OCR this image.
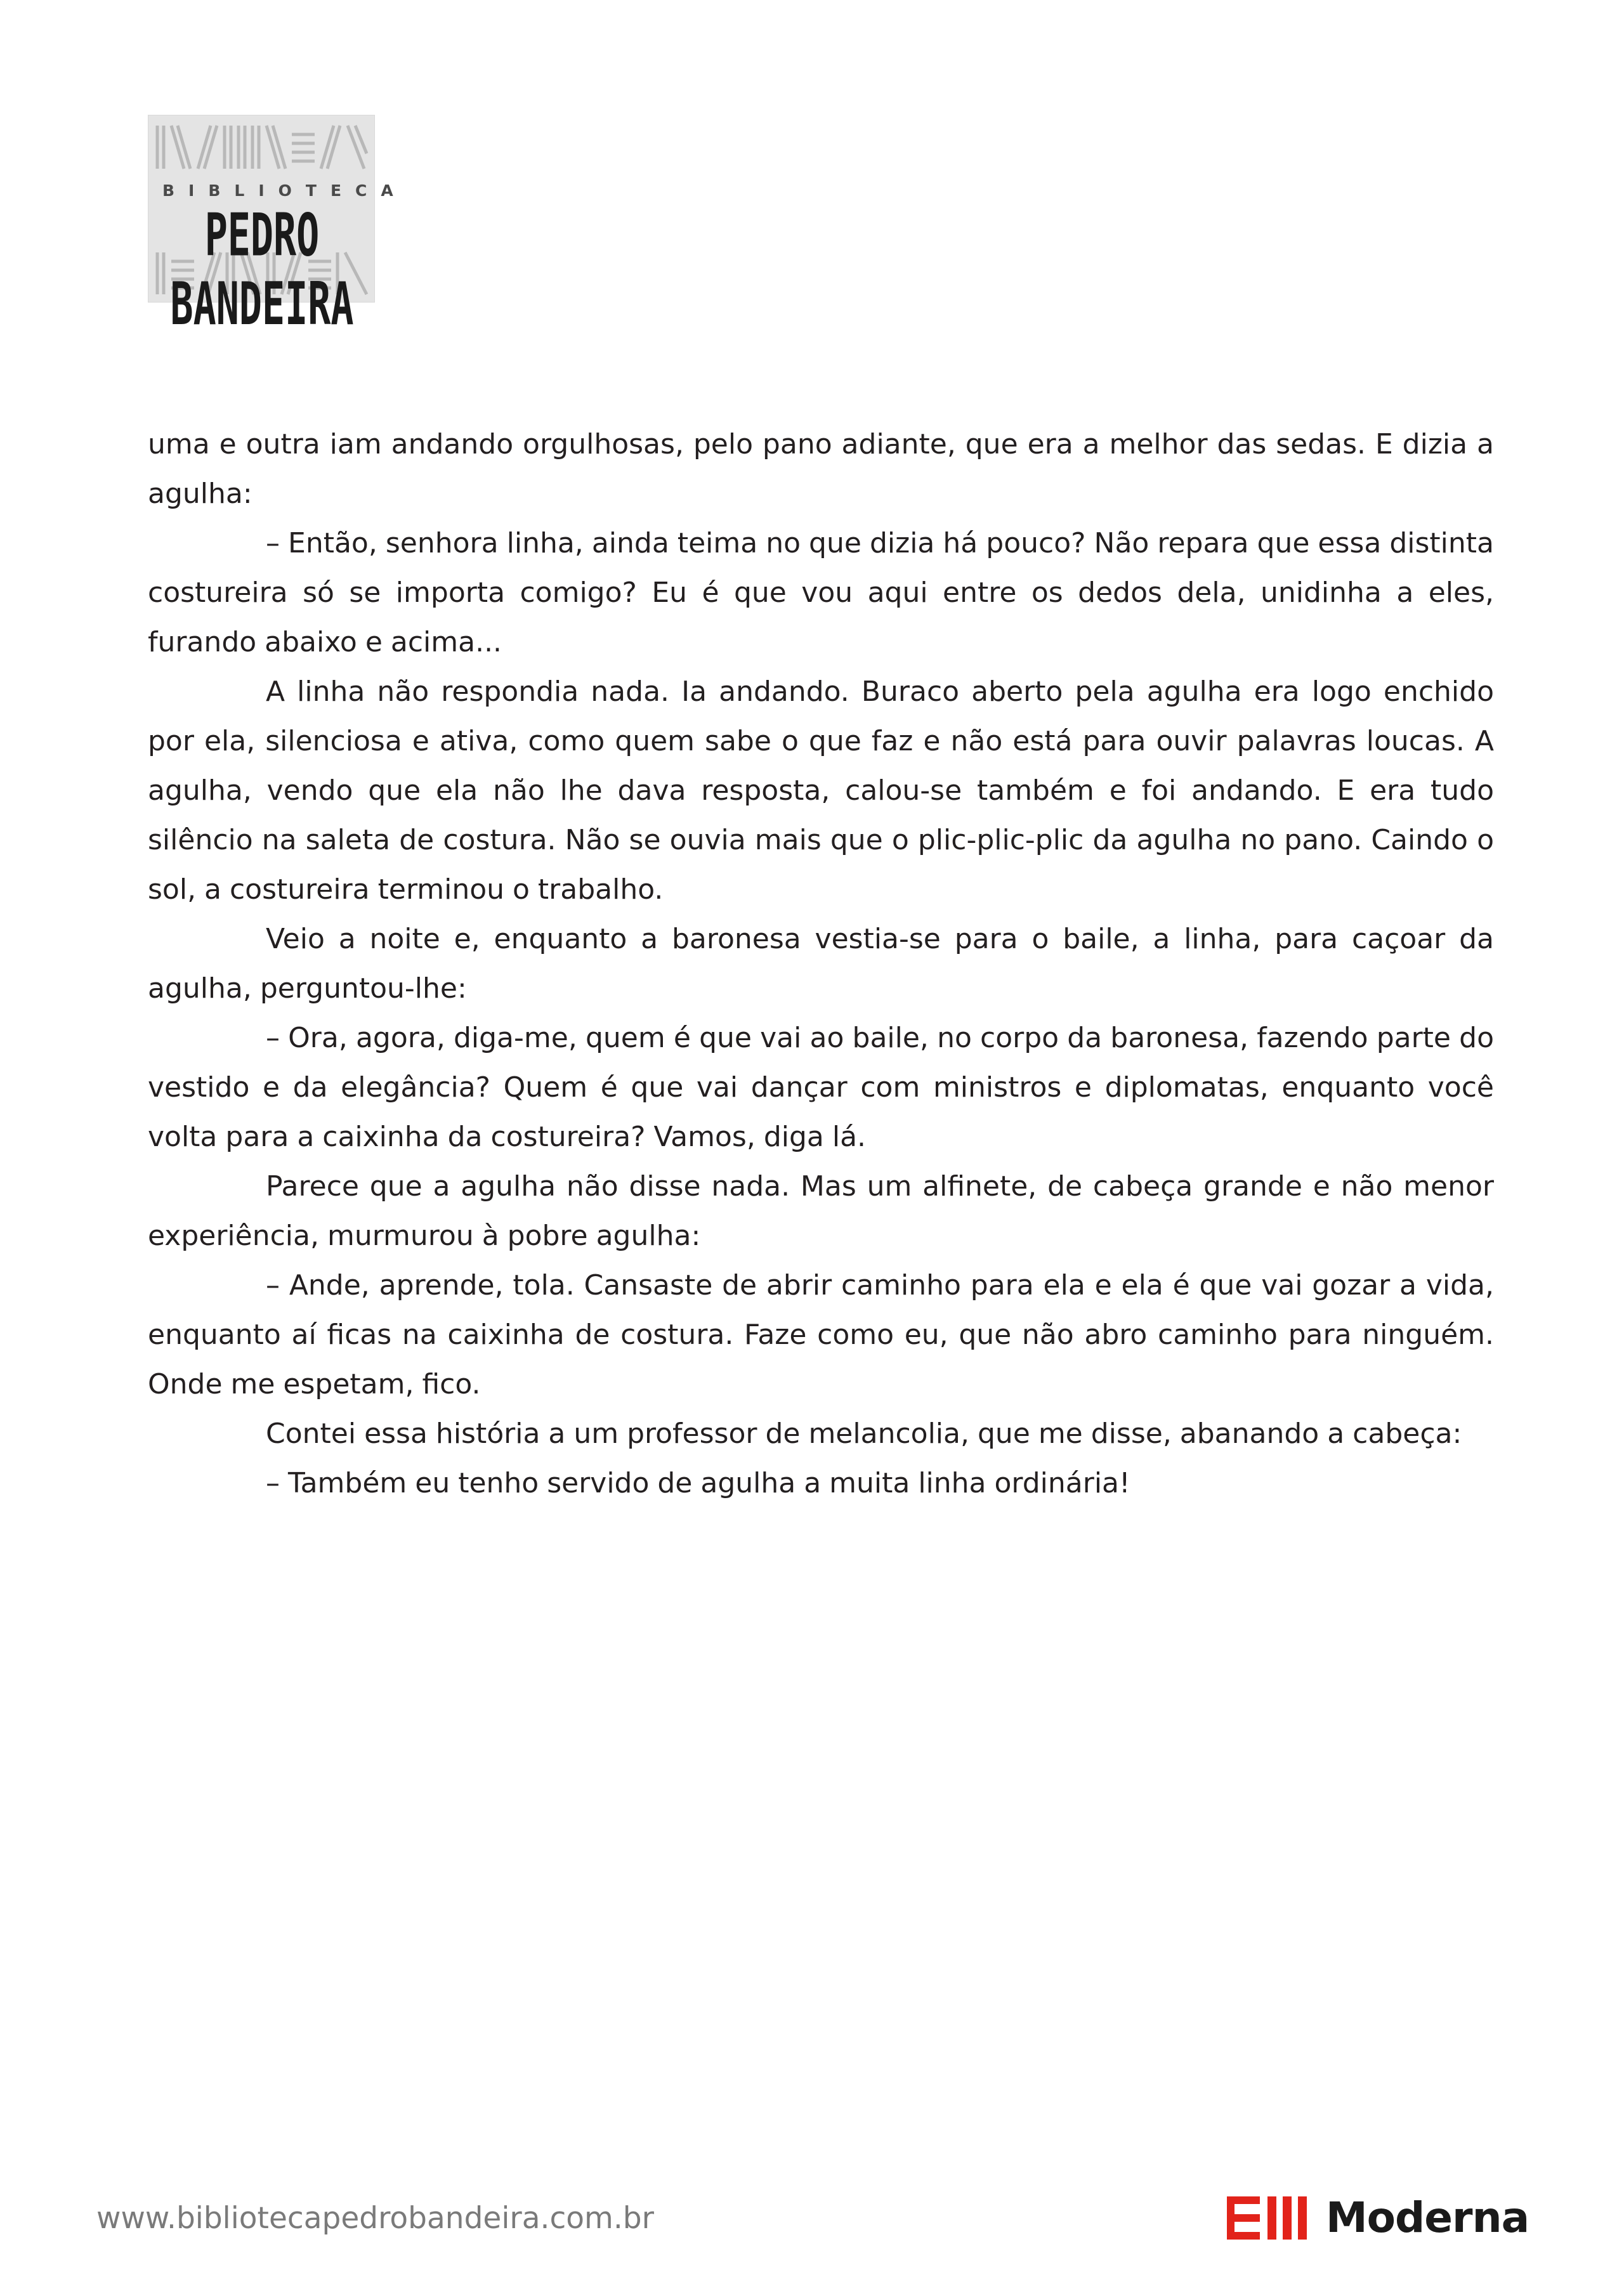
BIBLIOTECA
PEDRO BANDEIRA

uma e outra iam andando orgulhosas, pelo pano adiante, que era a melhor das sedas. E dizia a agulha:

– Então, senhora linha, ainda teima no que dizia há pouco? Não repara que essa distinta costureira só se importa comigo? Eu é que vou aqui entre os dedos dela, unidinha a eles, furando abaixo e acima...

A linha não respondia nada. Ia andando. Buraco aberto pela agulha era logo enchido por ela, silenciosa e ativa, como quem sabe o que faz e não está para ouvir palavras loucas. A agulha, vendo que ela não lhe dava resposta, calou-se também e foi andando. E era tudo silêncio na saleta de costura. Não se ouvia mais que o plic-plic-plic da agulha no pano. Caindo o sol, a costureira terminou o trabalho.

Veio a noite e, enquanto a baronesa vestia-se para o baile, a linha, para caçoar da agulha, perguntou-lhe:

– Ora, agora, diga-me, quem é que vai ao baile, no corpo da baronesa, fazendo parte do vestido e da elegância? Quem é que vai dançar com ministros e diplomatas, enquanto você volta para a caixinha da costureira? Vamos, diga lá.

Parece que a agulha não disse nada. Mas um alfinete, de cabeça grande e não menor experiência, murmurou à pobre agulha:

– Ande, aprende, tola. Cansaste de abrir caminho para ela e ela é que vai gozar a vida, enquanto aí ficas na caixinha de costura. Faze como eu, que não abro caminho para ninguém. Onde me espetam, fico.

Contei essa história a um professor de melancolia, que me disse, abanando a cabeça:

– Também eu tenho servido de agulha a muita linha ordinária!

www.bibliotecapedrobandeira.com.br	Moderna
